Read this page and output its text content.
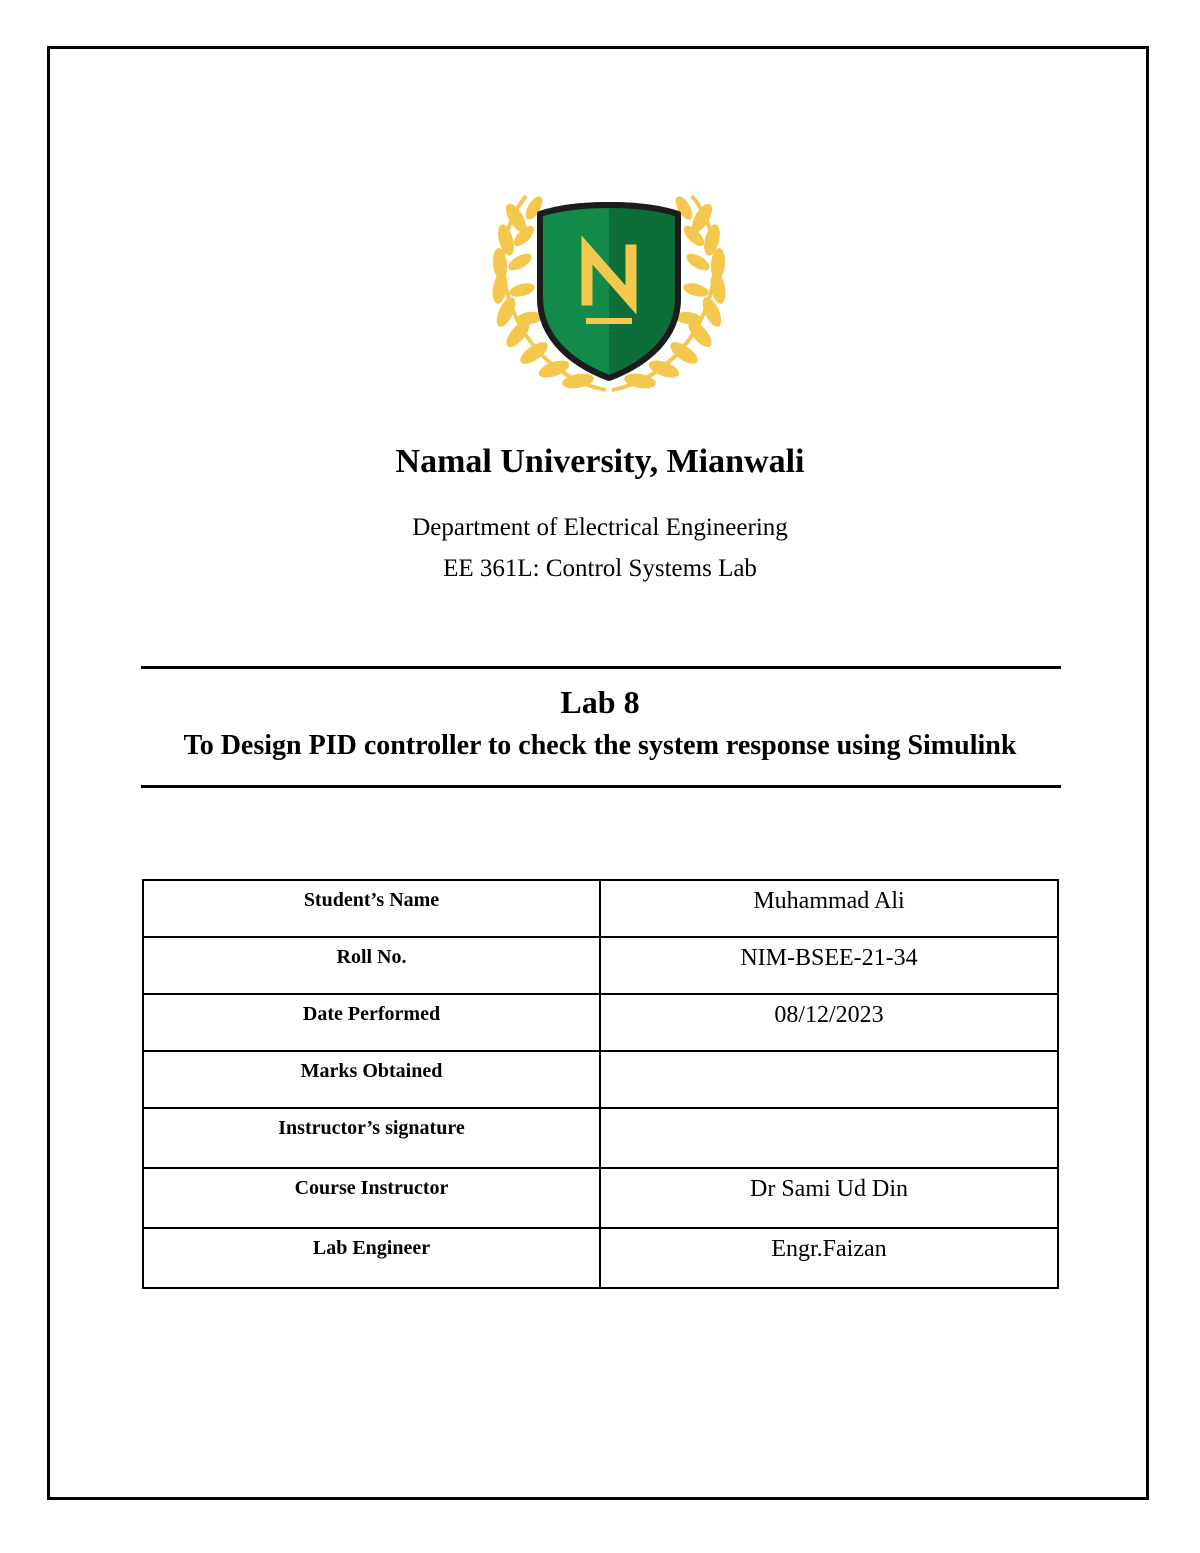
Namal University, Mianwali
Department of Electrical Engineering
EE 361L: Control Systems Lab
Lab 8
To Design PID controller to check the system response using Simulink
Student’s Name	Muhammad Ali
Roll No.	NIM-BSEE-21-34
Date Performed	08/12/2023
Marks Obtained	
Instructor’s signature	
Course Instructor	Dr Sami Ud Din
Lab Engineer	Engr.Faizan
